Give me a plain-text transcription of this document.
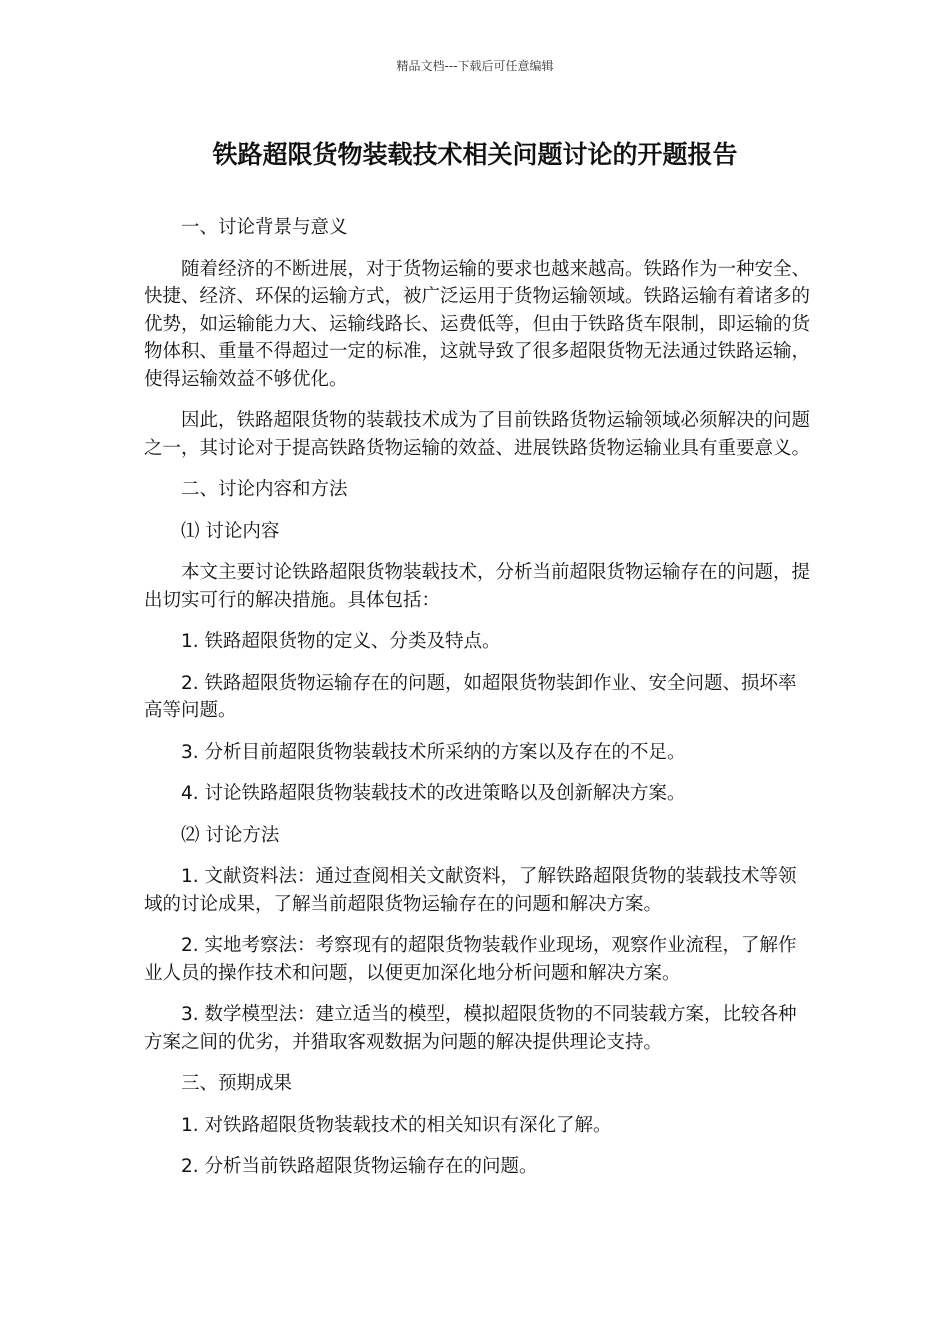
精品文档---下载后可任意编辑
铁路超限货物装载技术相关问题讨论的开题报告

一、讨论背景与意义

随着经济的不断进展，对于货物运输的要求也越来越高。铁路作为一种安全、快捷、经济、环保的运输方式，被广泛运用于货物运输领域。铁路运输有着诸多的优势，如运输能力大、运输线路长、运费低等，但由于铁路货车限制，即运输的货物体积、重量不得超过一定的标准，这就导致了很多超限货物无法通过铁路运输，使得运输效益不够优化。

因此，铁路超限货物的装载技术成为了目前铁路货物运输领域必须解决的问题之一，其讨论对于提高铁路货物运输的效益、进展铁路货物运输业具有重要意义。

二、讨论内容和方法

⑴ 讨论内容

本文主要讨论铁路超限货物装载技术，分析当前超限货物运输存在的问题，提出切实可行的解决措施。具体包括：

1. 铁路超限货物的定义、分类及特点。

2. 铁路超限货物运输存在的问题，如超限货物装卸作业、安全问题、损坏率高等问题。

3. 分析目前超限货物装载技术所采纳的方案以及存在的不足。

4. 讨论铁路超限货物装载技术的改进策略以及创新解决方案。

⑵ 讨论方法

1. 文献资料法：通过查阅相关文献资料，了解铁路超限货物的装载技术等领域的讨论成果，了解当前超限货物运输存在的问题和解决方案。

2. 实地考察法：考察现有的超限货物装载作业现场，观察作业流程，了解作业人员的操作技术和问题，以便更加深化地分析问题和解决方案。

3. 数学模型法：建立适当的模型，模拟超限货物的不同装载方案，比较各种方案之间的优劣，并猎取客观数据为问题的解决提供理论支持。

三、预期成果

1. 对铁路超限货物装载技术的相关知识有深化了解。

2. 分析当前铁路超限货物运输存在的问题。
